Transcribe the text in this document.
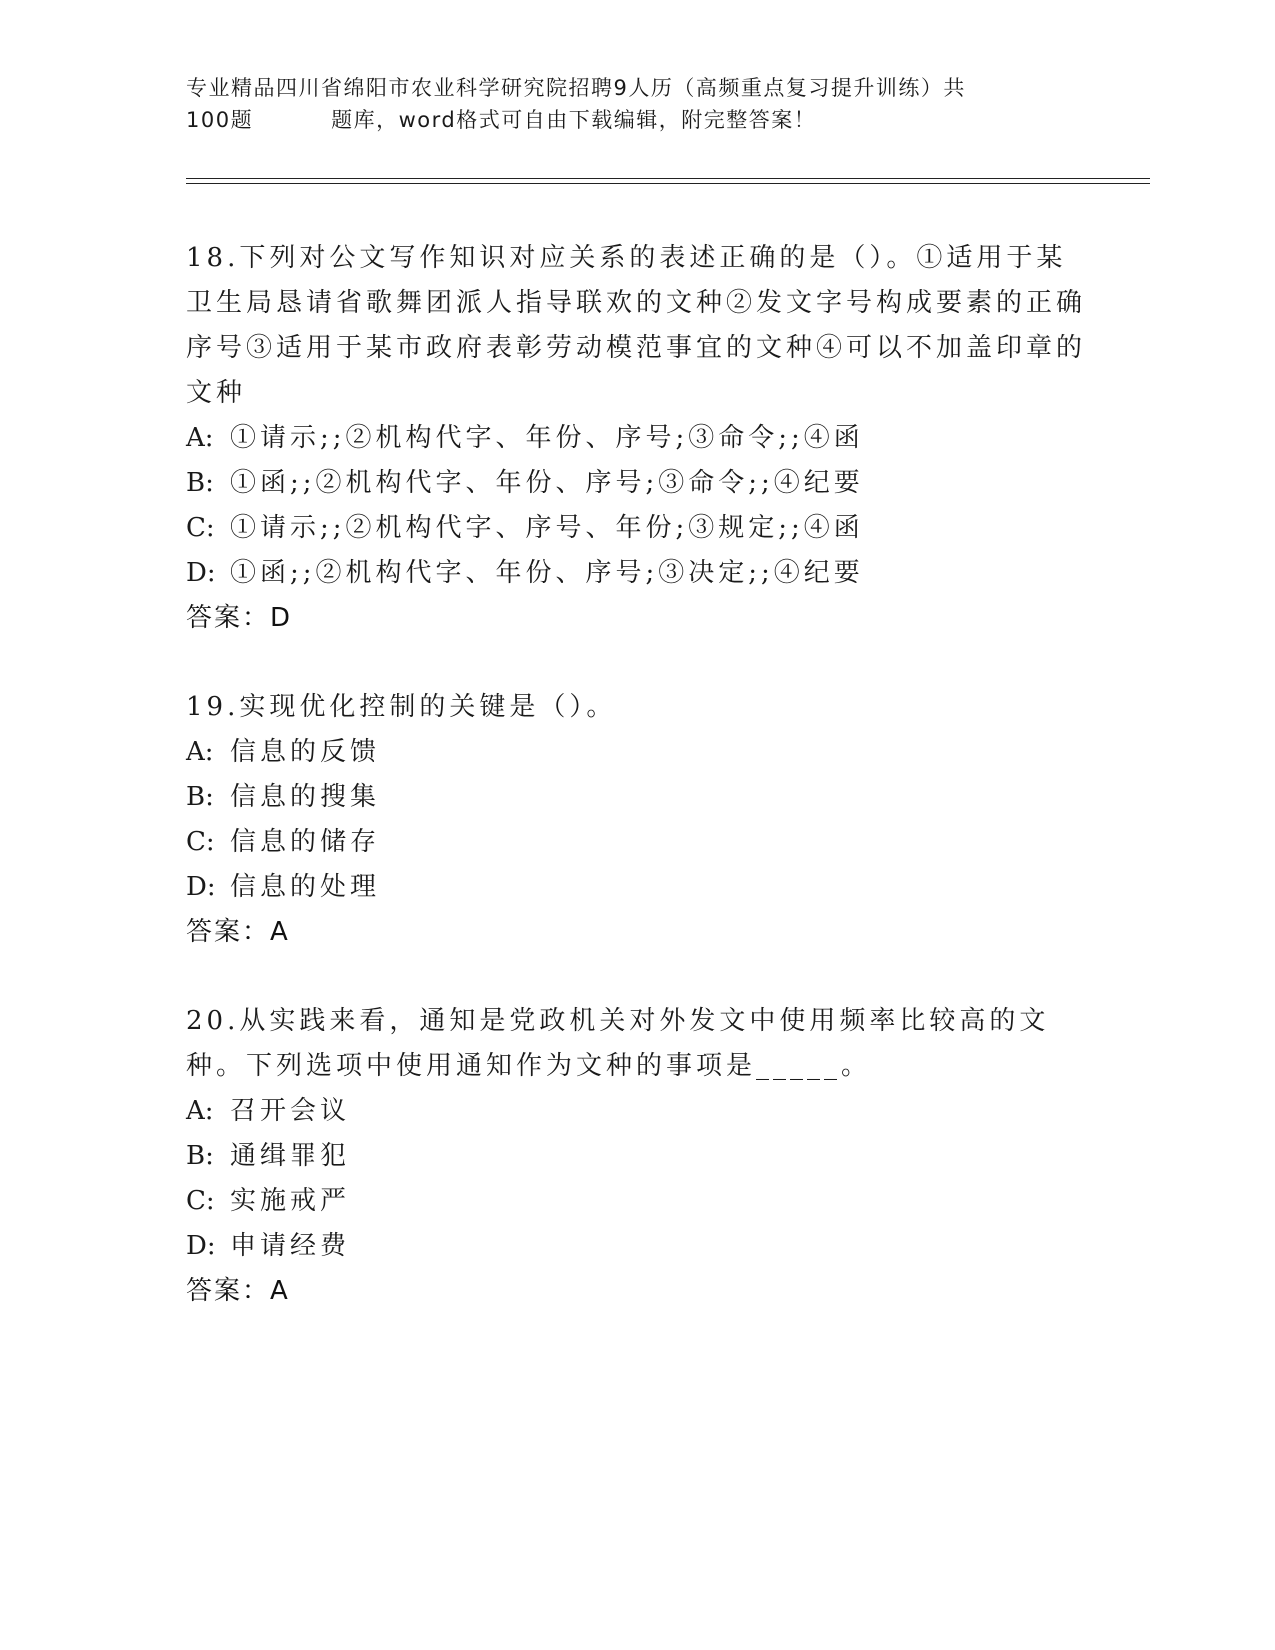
专业精品四川省绵阳市农业科学研究院招聘9人历（高频重点复习提升训练）共
100题	题库，word格式可自由下载编辑，附完整答案！
18.下列对公文写作知识对应关系的表述正确的是（）。①适用于某卫生局恳请省歌舞团派人指导联欢的文种②发文字号构成要素的正确序号③适用于某市政府表彰劳动模范事宜的文种④可以不加盖印章的文种
A: ①请示;;②机构代字、年份、序号;③命令;;④函
B: ①函;;②机构代字、年份、序号;③命令;;④纪要
C: ①请示;;②机构代字、序号、年份;③规定;;④函
D: ①函;;②机构代字、年份、序号;③决定;;④纪要
答案：D
19.实现优化控制的关键是（）。
A: 信息的反馈
B: 信息的搜集
C: 信息的储存
D: 信息的处理
答案：A
20.从实践来看，通知是党政机关对外发文中使用频率比较高的文种。下列选项中使用通知作为文种的事项是_____。
A: 召开会议
B: 通缉罪犯
C: 实施戒严
D: 申请经费
答案：A
